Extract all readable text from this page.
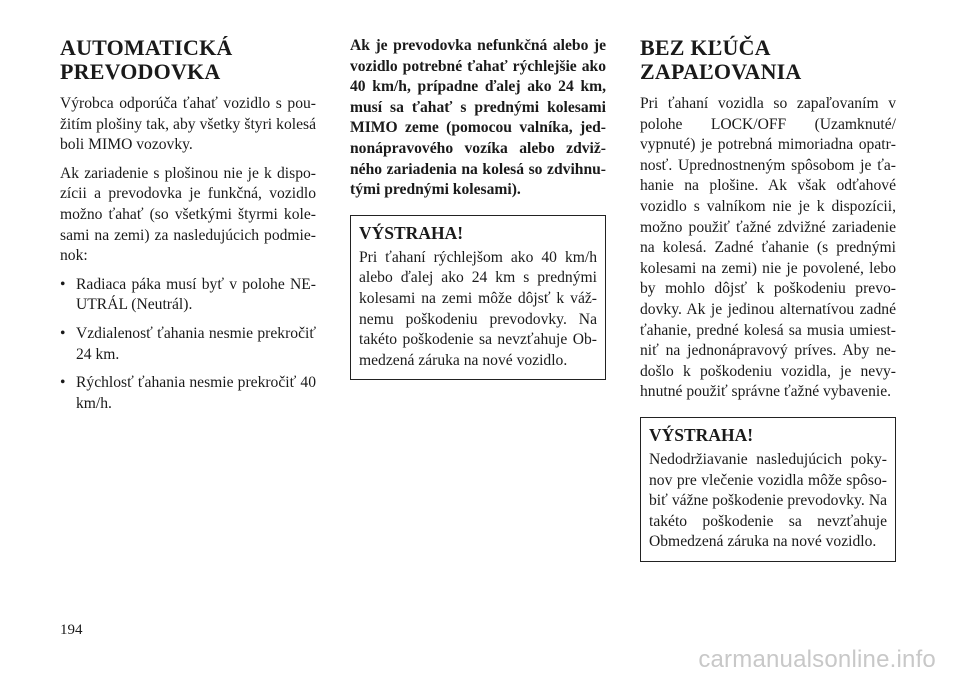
AUTOMATICKÁ PREVODOVKA

Výrobca odporúča ťahať vozidlo s použitím plošiny tak, aby všetky štyri kolesá boli MIMO vozovky.

Ak zariadenie s plošinou nie je k dispozícii a prevodovka je funkčná, vozidlo možno ťahať (so všetkými štyrmi kolesami na zemi) za nasledujúcich podmienok:

• Radiaca páka musí byť v polohe NEUTRÁL (Neutrál).
• Vzdialenosť ťahania nesmie prekročiť 24 km.
• Rýchlosť ťahania nesmie prekročiť 40 km/h.

Ak je prevodovka nefunkčná alebo je vozidlo potrebné ťahať rýchlejšie ako 40 km/h, prípadne ďalej ako 24 km, musí sa ťahať s prednými kolesami MIMO zeme (pomocou valníka, jednonápravového vozíka alebo zdvižného zariadenia na kolesá so zdvihnutými prednými kolesami).

VÝSTRAHA!

Pri ťahaní rýchlejšom ako 40 km/h alebo ďalej ako 24 km s prednými kolesami na zemi môže dôjsť k vážnemu poškodeniu prevodovky. Na takéto poškodenie sa nevzťahuje Obmedzená záruka na nové vozidlo.

BEZ KĽÚČA ZAPAĽOVANIA

Pri ťahaní vozidla so zapaľovaním v polohe LOCK/OFF (Uzamknuté/ vypnuté) je potrebná mimoriadna opatrnosť. Uprednostneným spôsobom je ťahanie na plošine. Ak však odťahové vozidlo s valníkom nie je k dispozícii, možno použiť ťažné zdvižné zariadenie na kolesá. Zadné ťahanie (s prednými kolesami na zemi) nie je povolené, lebo by mohlo dôjsť k poškodeniu prevodovky. Ak je jedinou alternatívou zadné ťahanie, predné kolesá sa musia umiestniť na jednonápravový príves. Aby nedošlo k poškodeniu vozidla, je nevyhnutné použiť správne ťažné vybavenie.

VÝSTRAHA!

Nedodržiavanie nasledujúcich pokynov pre vlečenie vozidla môže spôsobiť vážne poškodenie prevodovky. Na takéto poškodenie sa nevzťahuje Obmedzená záruka na nové vozidlo.

194
carmanualsonline.info
